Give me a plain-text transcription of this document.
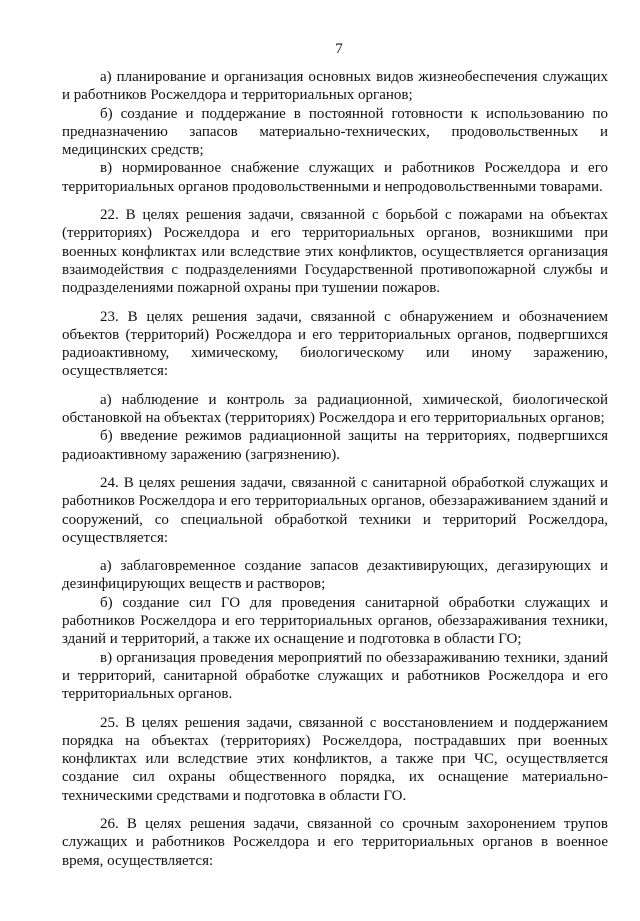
7

а) планирование и организация основных видов жизнеобеспечения служащих и работников Росжелдора и территориальных органов;

б) создание и поддержание в постоянной готовности к использованию по предназначению запасов материально-технических, продовольственных и медицинских средств;

в) нормированное снабжение служащих и работников Росжелдора и его территориальных органов продовольственными и непродовольственными товарами.

22. В целях решения задачи, связанной с борьбой с пожарами на объектах (территориях) Росжелдора и его территориальных органов, возникшими при военных конфликтах или вследствие этих конфликтов, осуществляется организация взаимодействия с подразделениями Государственной противопожарной службы и подразделениями пожарной охраны при тушении пожаров.

23. В целях решения задачи, связанной с обнаружением и обозначением объектов (территорий) Росжелдора и его территориальных органов, подвергшихся радиоактивному, химическому, биологическому или иному заражению, осуществляется:

а) наблюдение и контроль за радиационной, химической, биологической обстановкой на объектах (территориях) Росжелдора и его территориальных органов;

б) введение режимов радиационной защиты на территориях, подвергшихся радиоактивному заражению (загрязнению).

24. В целях решения задачи, связанной с санитарной обработкой служащих и работников Росжелдора и его территориальных органов, обеззараживанием зданий и сооружений, со специальной обработкой техники и территорий Росжелдора, осуществляется:

а) заблаговременное создание запасов дезактивирующих, дегазирующих и дезинфицирующих веществ и растворов;

б) создание сил ГО для проведения санитарной обработки служащих и работников Росжелдора и его территориальных органов, обеззараживания техники, зданий и территорий, а также их оснащение и подготовка в области ГО;

в) организация проведения мероприятий по обеззараживанию техники, зданий и территорий, санитарной обработке служащих и работников Росжелдора и его территориальных органов.

25. В целях решения задачи, связанной с восстановлением и поддержанием порядка на объектах (территориях) Росжелдора, пострадавших при военных конфликтах или вследствие этих конфликтов, а также при ЧС, осуществляется создание сил охраны общественного порядка, их оснащение материально-техническими средствами и подготовка в области ГО.

26. В целях решения задачи, связанной со срочным захоронением трупов служащих и работников Росжелдора и его территориальных органов в военное время, осуществляется:
